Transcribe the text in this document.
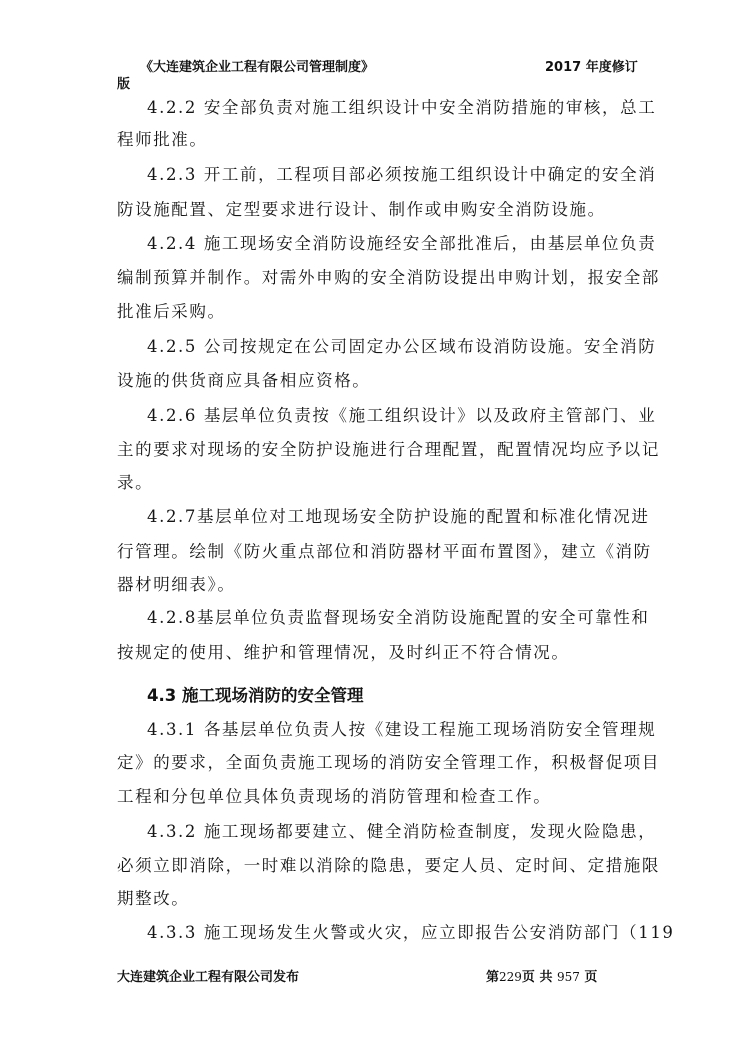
《大连建筑企业工程有限公司管理制度》	2017 年度修订
版
4.2.2 安全部负责对施工组织设计中安全消防措施的审核，总工
程师批准。
4.2.3 开工前，工程项目部必须按施工组织设计中确定的安全消
防设施配置、定型要求进行设计、制作或申购安全消防设施。
4.2.4 施工现场安全消防设施经安全部批准后，由基层单位负责
编制预算并制作。对需外申购的安全消防设提出申购计划，报安全部
批准后采购。
4.2.5 公司按规定在公司固定办公区域布设消防设施。安全消防
设施的供货商应具备相应资格。
4.2.6 基层单位负责按《施工组织设计》以及政府主管部门、业
主的要求对现场的安全防护设施进行合理配置，配置情况均应予以记
录。
4.2.7基层单位对工地现场安全防护设施的配置和标准化情况进
行管理。绘制《防火重点部位和消防器材平面布置图》，建立《消防
器材明细表》。
4.2.8基层单位负责监督现场安全消防设施配置的安全可靠性和
按规定的使用、维护和管理情况，及时纠正不符合情况。
4.3 施工现场消防的安全管理
4.3.1 各基层单位负责人按《建设工程施工现场消防安全管理规
定》的要求，全面负责施工现场的消防安全管理工作，积极督促项目
工程和分包单位具体负责现场的消防管理和检查工作。
4.3.2 施工现场都要建立、健全消防检查制度，发现火险隐患，
必须立即消除，一时难以消除的隐患，要定人员、定时间、定措施限
期整改。
4.3.3 施工现场发生火警或火灾，应立即报告公安消防部门（119
大连建筑企业工程有限公司发布	第229页 共 957 页
